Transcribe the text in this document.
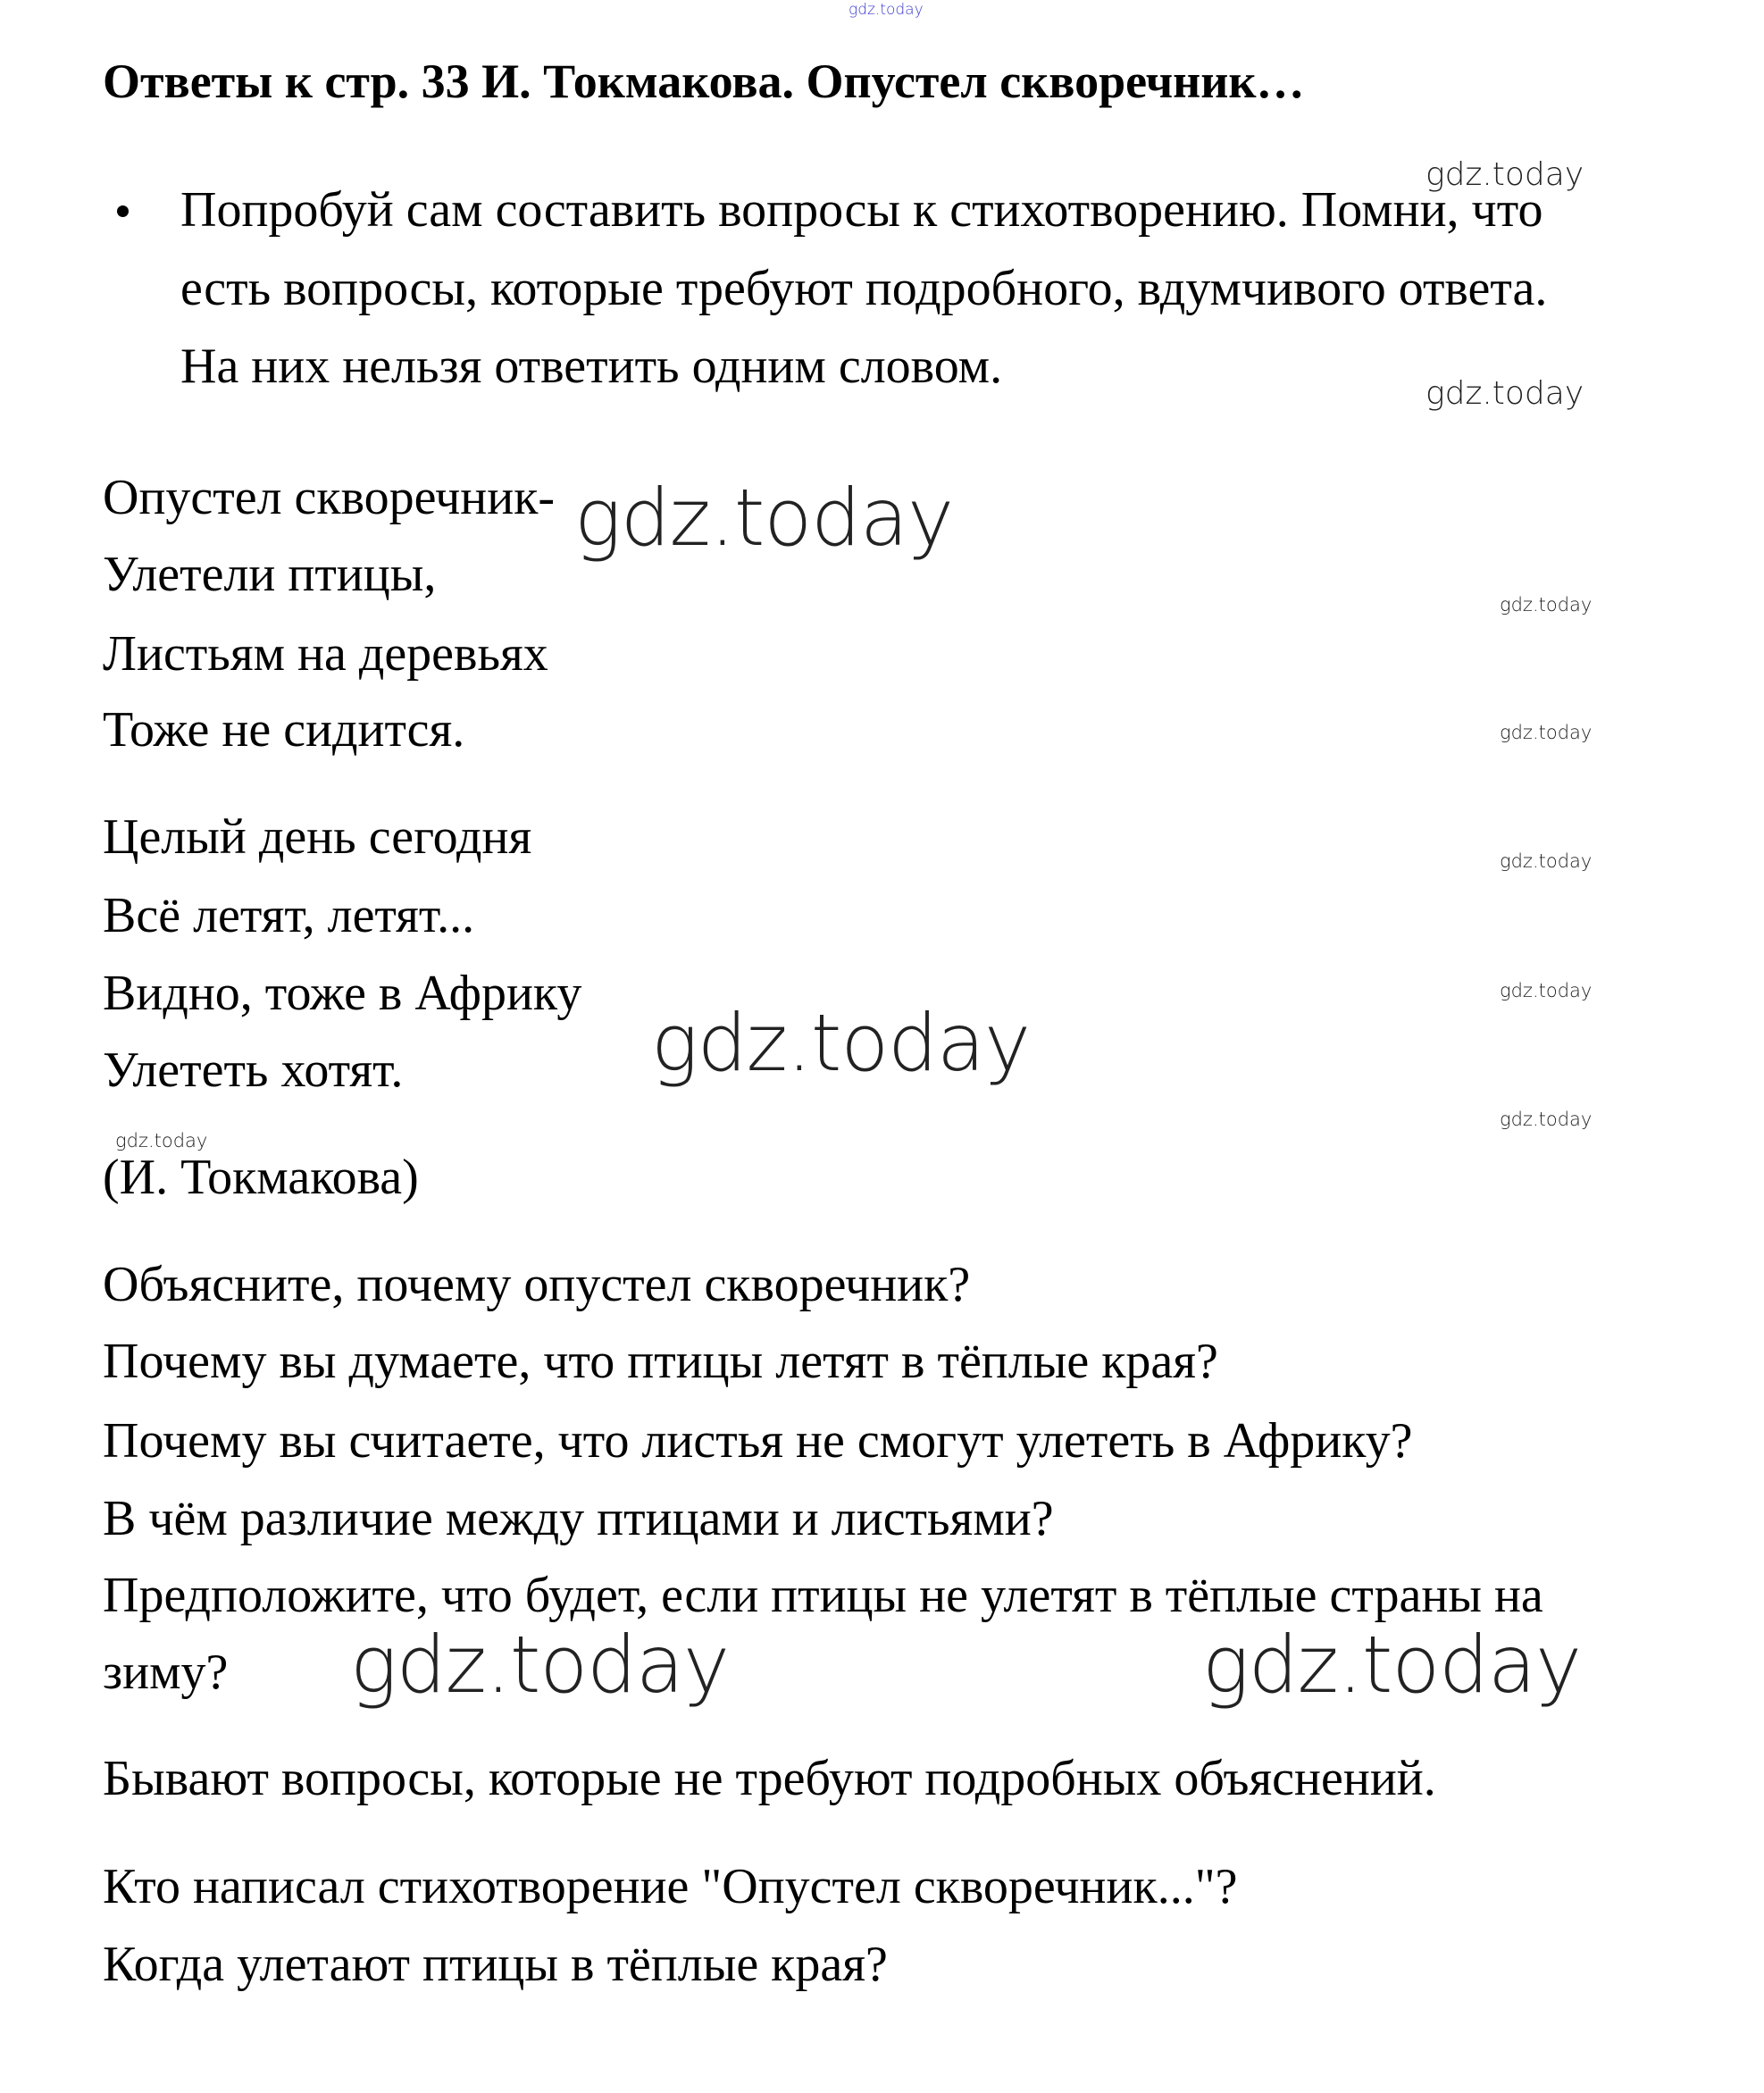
gdz.today
Ответы к стр. 33 И. Токмакова. Опустел скворечник…
gdz.today
Попробуй сам составить вопросы к стихотворению. Помни, что
есть вопросы, которые требуют подробного, вдумчивого ответа.
На них нельзя ответить одним словом.	gdz.today
Опустел скворечник-
Улетели птицы,
Листьям на деревьях
Тоже не сидится.
gdz.today
gdz.today
gdz.today
gdz.today
gdz.today
gdz.today
Целый день сегодня
Всё летят, летят...
Видно, тоже в Африку
Улететь хотят.	gdz.today
gdz.today
(И. Токмакова)
Объясните, почему опустел скворечник?
Почему вы думаете, что птицы летят в тёплые края?
Почему вы считаете, что листья не смогут улететь в Африку?
В чём различие между птицами и листьями?
Предположите, что будет, если птицы не улетят в тёплые страны на
зиму? gdz.today	gdz.today
Бывают вопросы, которые не требуют подробных объяснений.
Кто написал стихотворение "Опустел скворечник..."?
Когда улетают птицы в тёплые края?
